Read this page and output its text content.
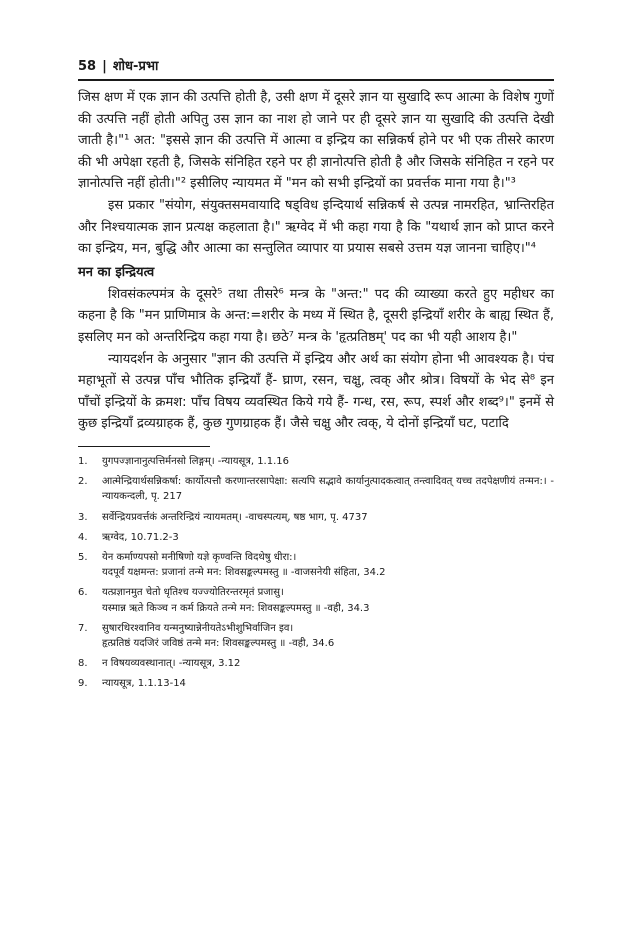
58 | शोध-प्रभा

जिस क्षण में एक ज्ञान की उत्पत्ति होती है, उसी क्षण में दूसरे ज्ञान या सुखादि रूप आत्मा के विशेष गुणों की उत्पत्ति नहीं होती अपितु उस ज्ञान का नाश हो जाने पर ही दूसरे ज्ञान या सुखादि की उत्पत्ति देखी जाती है।"¹ अत: "इससे ज्ञान की उत्पत्ति में आत्मा व इन्द्रिय का सन्निकर्ष होने पर भी एक तीसरे कारण की भी अपेक्षा रहती है, जिसके संनिहित रहने पर ही ज्ञानोत्पत्ति होती है और जिसके संनिहित न रहने पर ज्ञानोत्पत्ति नहीं होती।"² इसीलिए न्यायमत में "मन को सभी इन्द्रियों का प्रवर्त्तक माना गया है।"³

इस प्रकार "संयोग, संयुक्तसमवायादि षड्विध इन्दियार्थ सन्निकर्ष से उत्पन्न नामरहित, भ्रान्तिरहित और निश्चयात्मक ज्ञान प्रत्यक्ष कहलाता है।" ऋग्वेद में भी कहा गया है कि "यथार्थ ज्ञान को प्राप्त करने का इन्द्रिय, मन, बुद्धि और आत्मा का सन्तुलित व्यापार या प्रयास सबसे उत्तम यज्ञ जानना चाहिए।"⁴

मन का इन्द्रियत्व

शिवसंकल्पमंत्र के दूसरे⁵ तथा तीसरे⁶ मन्त्र के "अन्त:" पद की व्याख्या करते हुए महीधर का कहना है कि "मन प्राणिमात्र के अन्त:=शरीर के मध्य में स्थित है, दूसरी इन्द्रियाँ शरीर के बाह्य स्थित हैं, इसलिए मन को अन्तरिन्द्रिय कहा गया है। छठे⁷ मन्त्र के 'हृत्प्रतिष्ठम्' पद का भी यही आशय है।"

न्यायदर्शन के अनुसार "ज्ञान की उत्पत्ति में इन्द्रिय और अर्थ का संयोग होना भी आवश्यक है। पंच महाभूतों से उत्पन्न पाँच भौतिक इन्द्रियाँ हैं- घ्राण, रसन, चक्षु, त्वक् और श्रोत्र। विषयों के भेद से⁸ इन पाँचों इन्द्रियों के क्रमश: पाँच विषय व्यवस्थित किये गये हैं- गन्ध, रस, रूप, स्पर्श और शब्द⁹।" इनमें से कुछ इन्द्रियाँ द्रव्यग्राहक हैं, कुछ गुणग्राहक हैं। जैसे चक्षु और त्वक्, ये दोनों इन्द्रियाँ घट, पटादि

1.	युगपज्ज्ञानानुत्पत्तिर्मनसो लिङ्गम्। -न्यायसूत्र, 1.1.16
2.	आत्मेन्द्रियार्थसन्निकर्षा: कार्योत्पत्तौ करणान्तरसापेक्षा: सत्यपि सद्भावे कार्यानुत्पादकत्वात् तन्त्वादिवत् यच्च तदपेक्षणीयं तन्मन:। - न्यायकन्दली, पृ. 217
3.	सर्वेन्द्रियप्रवर्त्तकं अन्तरिन्द्रियं न्यायमतम्। -वाचस्पत्यम्, षष्ठ भाग, पृ. 4737
4.	ऋग्वेद, 10.71.2-3
5.	येन कर्माण्यपसो मनीषिणो यज्ञे कृण्वन्ति विदथेषु धीरा:।
यदपूर्वं यक्षमन्त: प्रजानां तन्मे मन: शिवसङ्कल्पमस्तु ॥ -वाजसनेयी संहिता, 34.2
6.	यत्प्रज्ञानमुत चेतो धृतिश्च यज्ज्योतिरन्तरमृतं प्रजासु।
यस्मान्न ऋते किञ्च न कर्म क्रियते तन्मे मन: शिवसङ्कल्पमस्तु ॥ -वही, 34.3
7.	सुषारथिरश्वानिव यन्मनुष्यान्नेनीयतेऽभीशुभिर्वाजिन इव।
हृत्प्रतिष्ठं यदजिरं जविष्ठं तन्मे मन: शिवसङ्कल्पमस्तु ॥ -वही, 34.6
8.	न विषयव्यवस्थानात्। -न्यायसूत्र, 3.12
9.	न्यायसूत्र, 1.1.13-14
